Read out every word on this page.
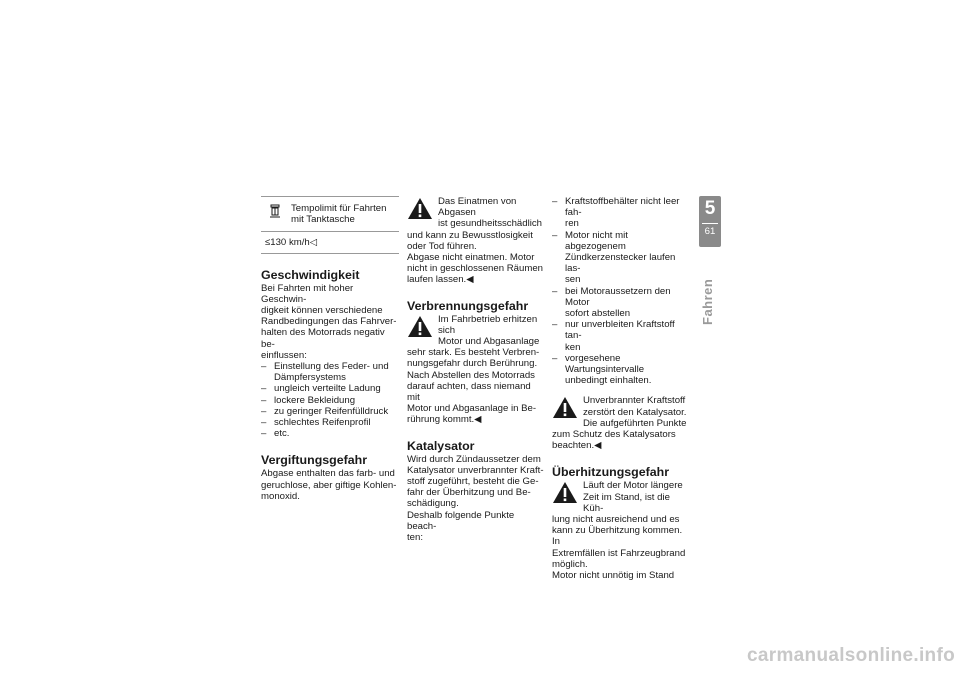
Tempolimit für Fahrten
mit Tanktasche
≤130 km/h◁
Geschwindigkeit

Bei Fahrten mit hoher Geschwin-
digkeit können verschiedene
Randbedingungen das Fahrver-
halten des Motorrads negativ be-
einflussen:

– Einstellung des Feder- und
Dämpfersystems
– ungleich verteilte Ladung
– lockere Bekleidung
– zu geringer Reifenfülldruck
– schlechtes Reifenprofil
– etc.
Vergiftungsgefahr

Abgase enthalten das farb- und
geruchlose, aber giftige Kohlen-
monoxid.

Das Einatmen von Abgasen
ist gesundheitsschädlich
und kann zu Bewusstlosigkeit
oder Tod führen.
Abgase nicht einatmen. Motor
nicht in geschlossenen Räumen
laufen lassen.◀
Verbrennungsgefahr
Im Fahrbetrieb erhitzen sich
Motor und Abgasanlage
sehr stark. Es besteht Verbren-
nungsgefahr durch Berührung.
Nach Abstellen des Motorrads
darauf achten, dass niemand mit
Motor und Abgasanlage in Be-
rührung kommt.◀
Katalysator

Wird durch Zündaussetzer dem
Katalysator unverbrannter Kraft-
stoff zugeführt, besteht die Ge-
fahr der Überhitzung und Be-
schädigung.
Deshalb folgende Punkte beach-
ten:

– Kraftstoffbehälter nicht leer fah-
ren
– Motor nicht mit abgezogenem
Zündkerzenstecker laufen las-
sen
– bei Motoraussetzern den Motor
sofort abstellen
– nur unverbleiten Kraftstoff tan-
ken
– vorgesehene Wartungsintervalle
unbedingt einhalten.
Unverbrannter Kraftstoff
zerstört den Katalysator.
Die aufgeführten Punkte
zum Schutz des Katalysators
beachten.◀
Überhitzungsgefahr
Läuft der Motor längere
Zeit im Stand, ist die Küh-
lung nicht ausreichend und es
kann zu Überhitzung kommen. In
Extremfällen ist Fahrzeugbrand
möglich.
Motor nicht unnötig im Stand
5
61
Fahren
carmanualsonline.info
